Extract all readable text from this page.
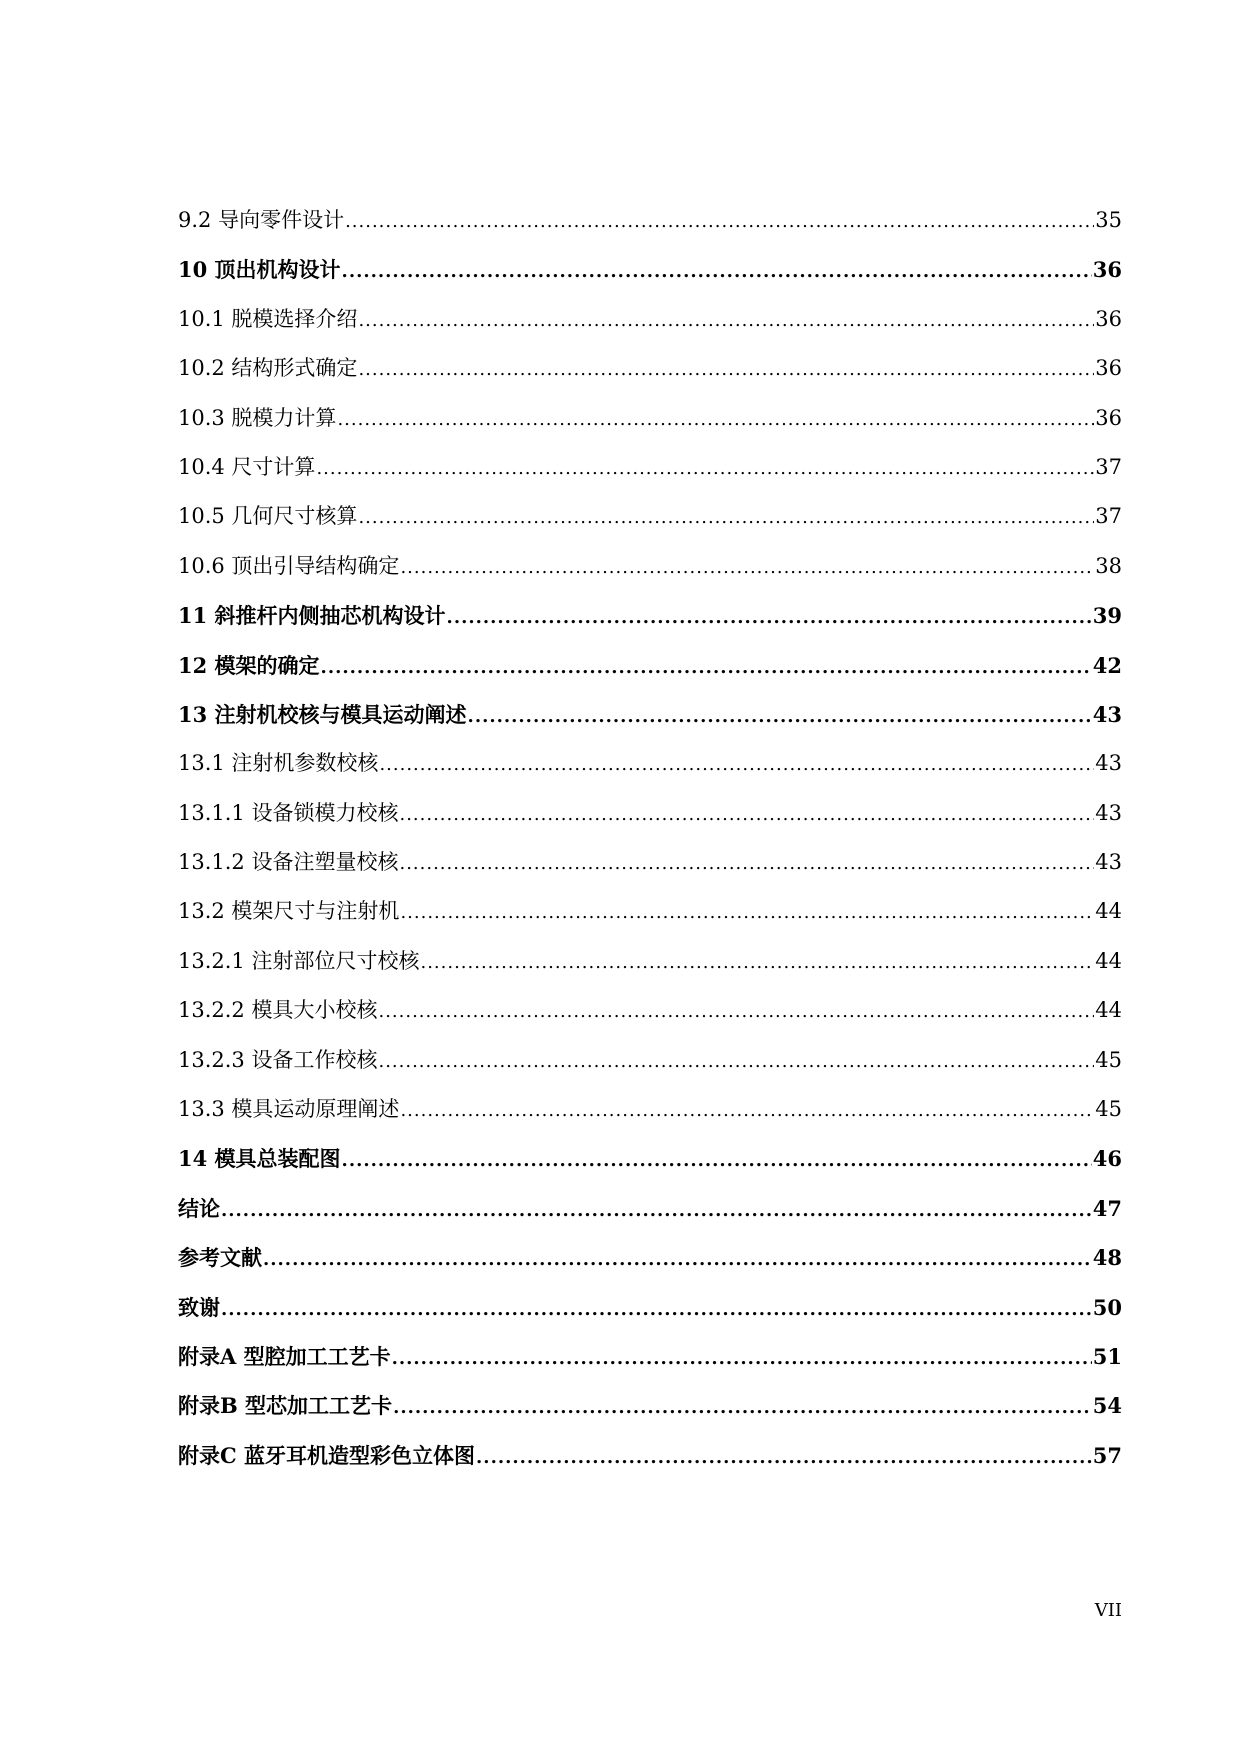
9.2 导向零件设计 .....	35
10 顶出机构设计 .....	36
10.1 脱模选择介绍 .....	36
10.2 结构形式确定 .....	36
10.3 脱模力计算 .....	36
10.4 尺寸计算 .....	37
10.5 几何尺寸核算 .....	37
10.6 顶出引导结构确定 .....	38
11 斜推杆内侧抽芯机构设计 .....	39
12 模架的确定 .....	42
13 注射机校核与模具运动阐述 .....	43
13.1 注射机参数校核 .....	43
13.1.1 设备锁模力校核 .....	43
13.1.2 设备注塑量校核 .....	43
13.2 模架尺寸与注射机 .....	44
13.2.1 注射部位尺寸校核 .....	44
13.2.2 模具大小校核 .....	44
13.2.3 设备工作校核 .....	45
13.3 模具运动原理阐述 .....	45
14 模具总装配图 .....	46
结论 .....	47
参考文献 .....	48
致谢 .....	50
附录A 型腔加工工艺卡 .....	51
附录B 型芯加工工艺卡 .....	54
附录C 蓝牙耳机造型彩色立体图 .....	57
VII
